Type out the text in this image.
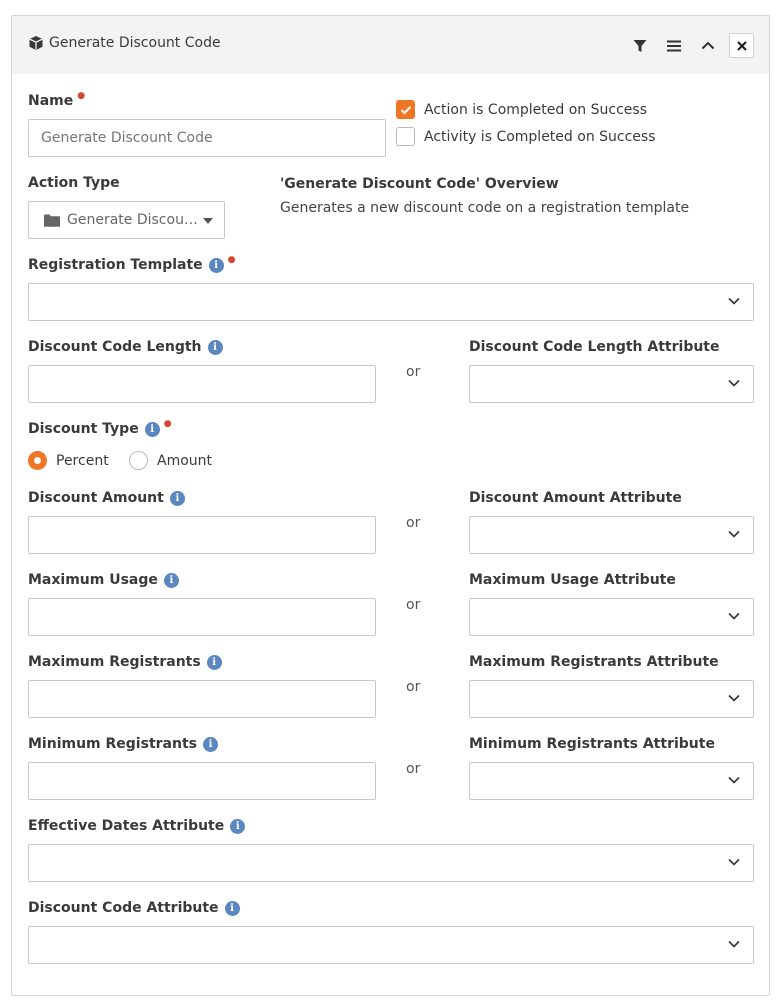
Generate Discount Code
Name ●
Generate Discount Code
Action is Completed on Success
Activity is Completed on Success
Action Type
Generate Discou…
'Generate Discount Code' Overview
Generates a new discount code on a registration template
Registration Template	i	●
Discount Code Length	i
or
Discount Code Length Attribute
Discount Type	i	●
Percent	Amount
Discount Amount	i
or
Discount Amount Attribute
Maximum Usage	i
or
Maximum Usage Attribute
Maximum Registrants	i
or
Maximum Registrants Attribute
Minimum Registrants	i
or
Minimum Registrants Attribute
Effective Dates Attribute	i
Discount Code Attribute	i
